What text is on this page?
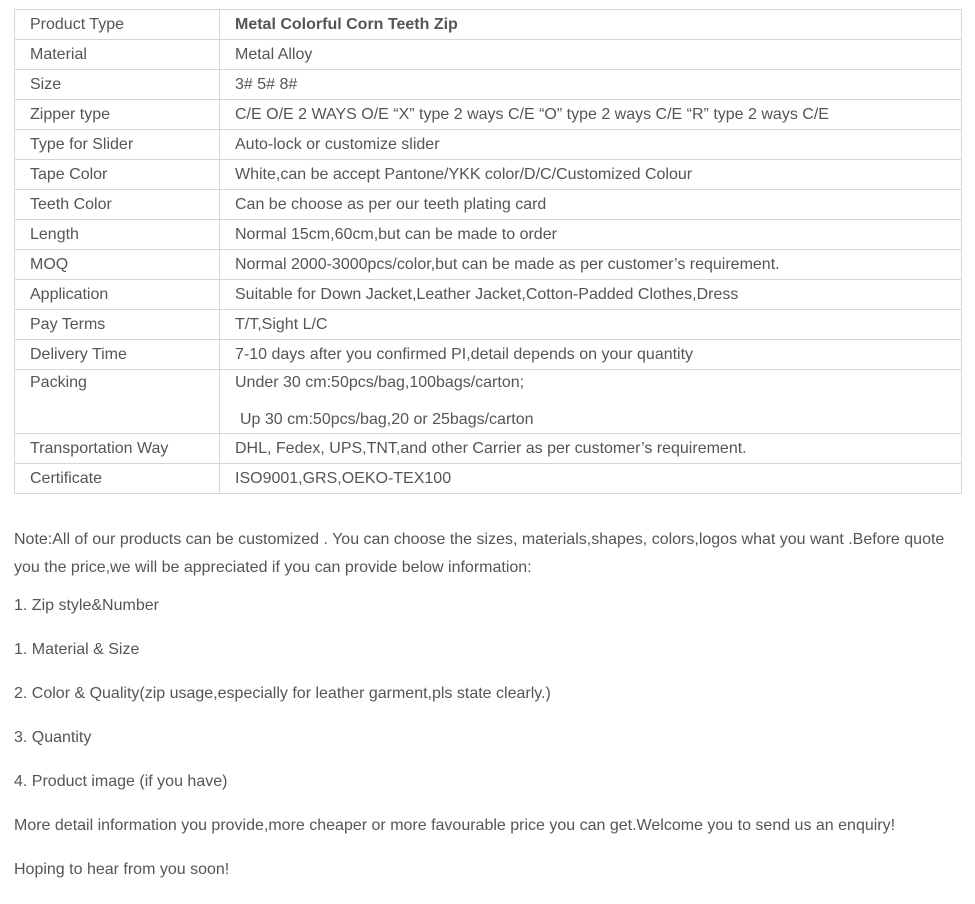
Product Type	Metal Colorful Corn Teeth Zip
Material	Metal Alloy
Size	3# 5# 8#
Zipper type	C/E O/E 2 WAYS O/E “X” type 2 ways C/E “O” type 2 ways C/E “R” type 2 ways C/E
Type for Slider	Auto-lock or customize slider
Tape Color	White,can be accept Pantone/YKK color/D/C/Customized Colour
Teeth Color	Can be choose as per our teeth plating card
Length	Normal 15cm,60cm,but can be made to order
MOQ	Normal 2000-3000pcs/color,but can be made as per customer’s requirement.
Application	Suitable for Down Jacket,Leather Jacket,Cotton-Padded Clothes,Dress
Pay Terms	T/T,Sight L/C
Delivery Time	7-10 days after you confirmed PI,detail depends on your quantity
Packing	Under 30 cm:50pcs/bag,100bags/carton;
Up 30 cm:50pcs/bag,20 or 25bags/carton

Transportation Way	DHL, Fedex, UPS,TNT,and other Carrier as per customer’s requirement.
Certificate	ISO9001,GRS,OEKO-TEX100

Note:All of our products can be customized . You can choose the sizes, materials,shapes, colors,logos what you want .Before quote you the price,we will be appreciated if you can provide below information:

1. Zip style&Number

1. Material & Size

2. Color & Quality(zip usage,especially for leather garment,pls state clearly.)

3. Quantity

4. Product image (if you have)

More detail information you provide,more cheaper or more favourable price you can get.Welcome you to send us an enquiry!

Hoping to hear from you soon!
